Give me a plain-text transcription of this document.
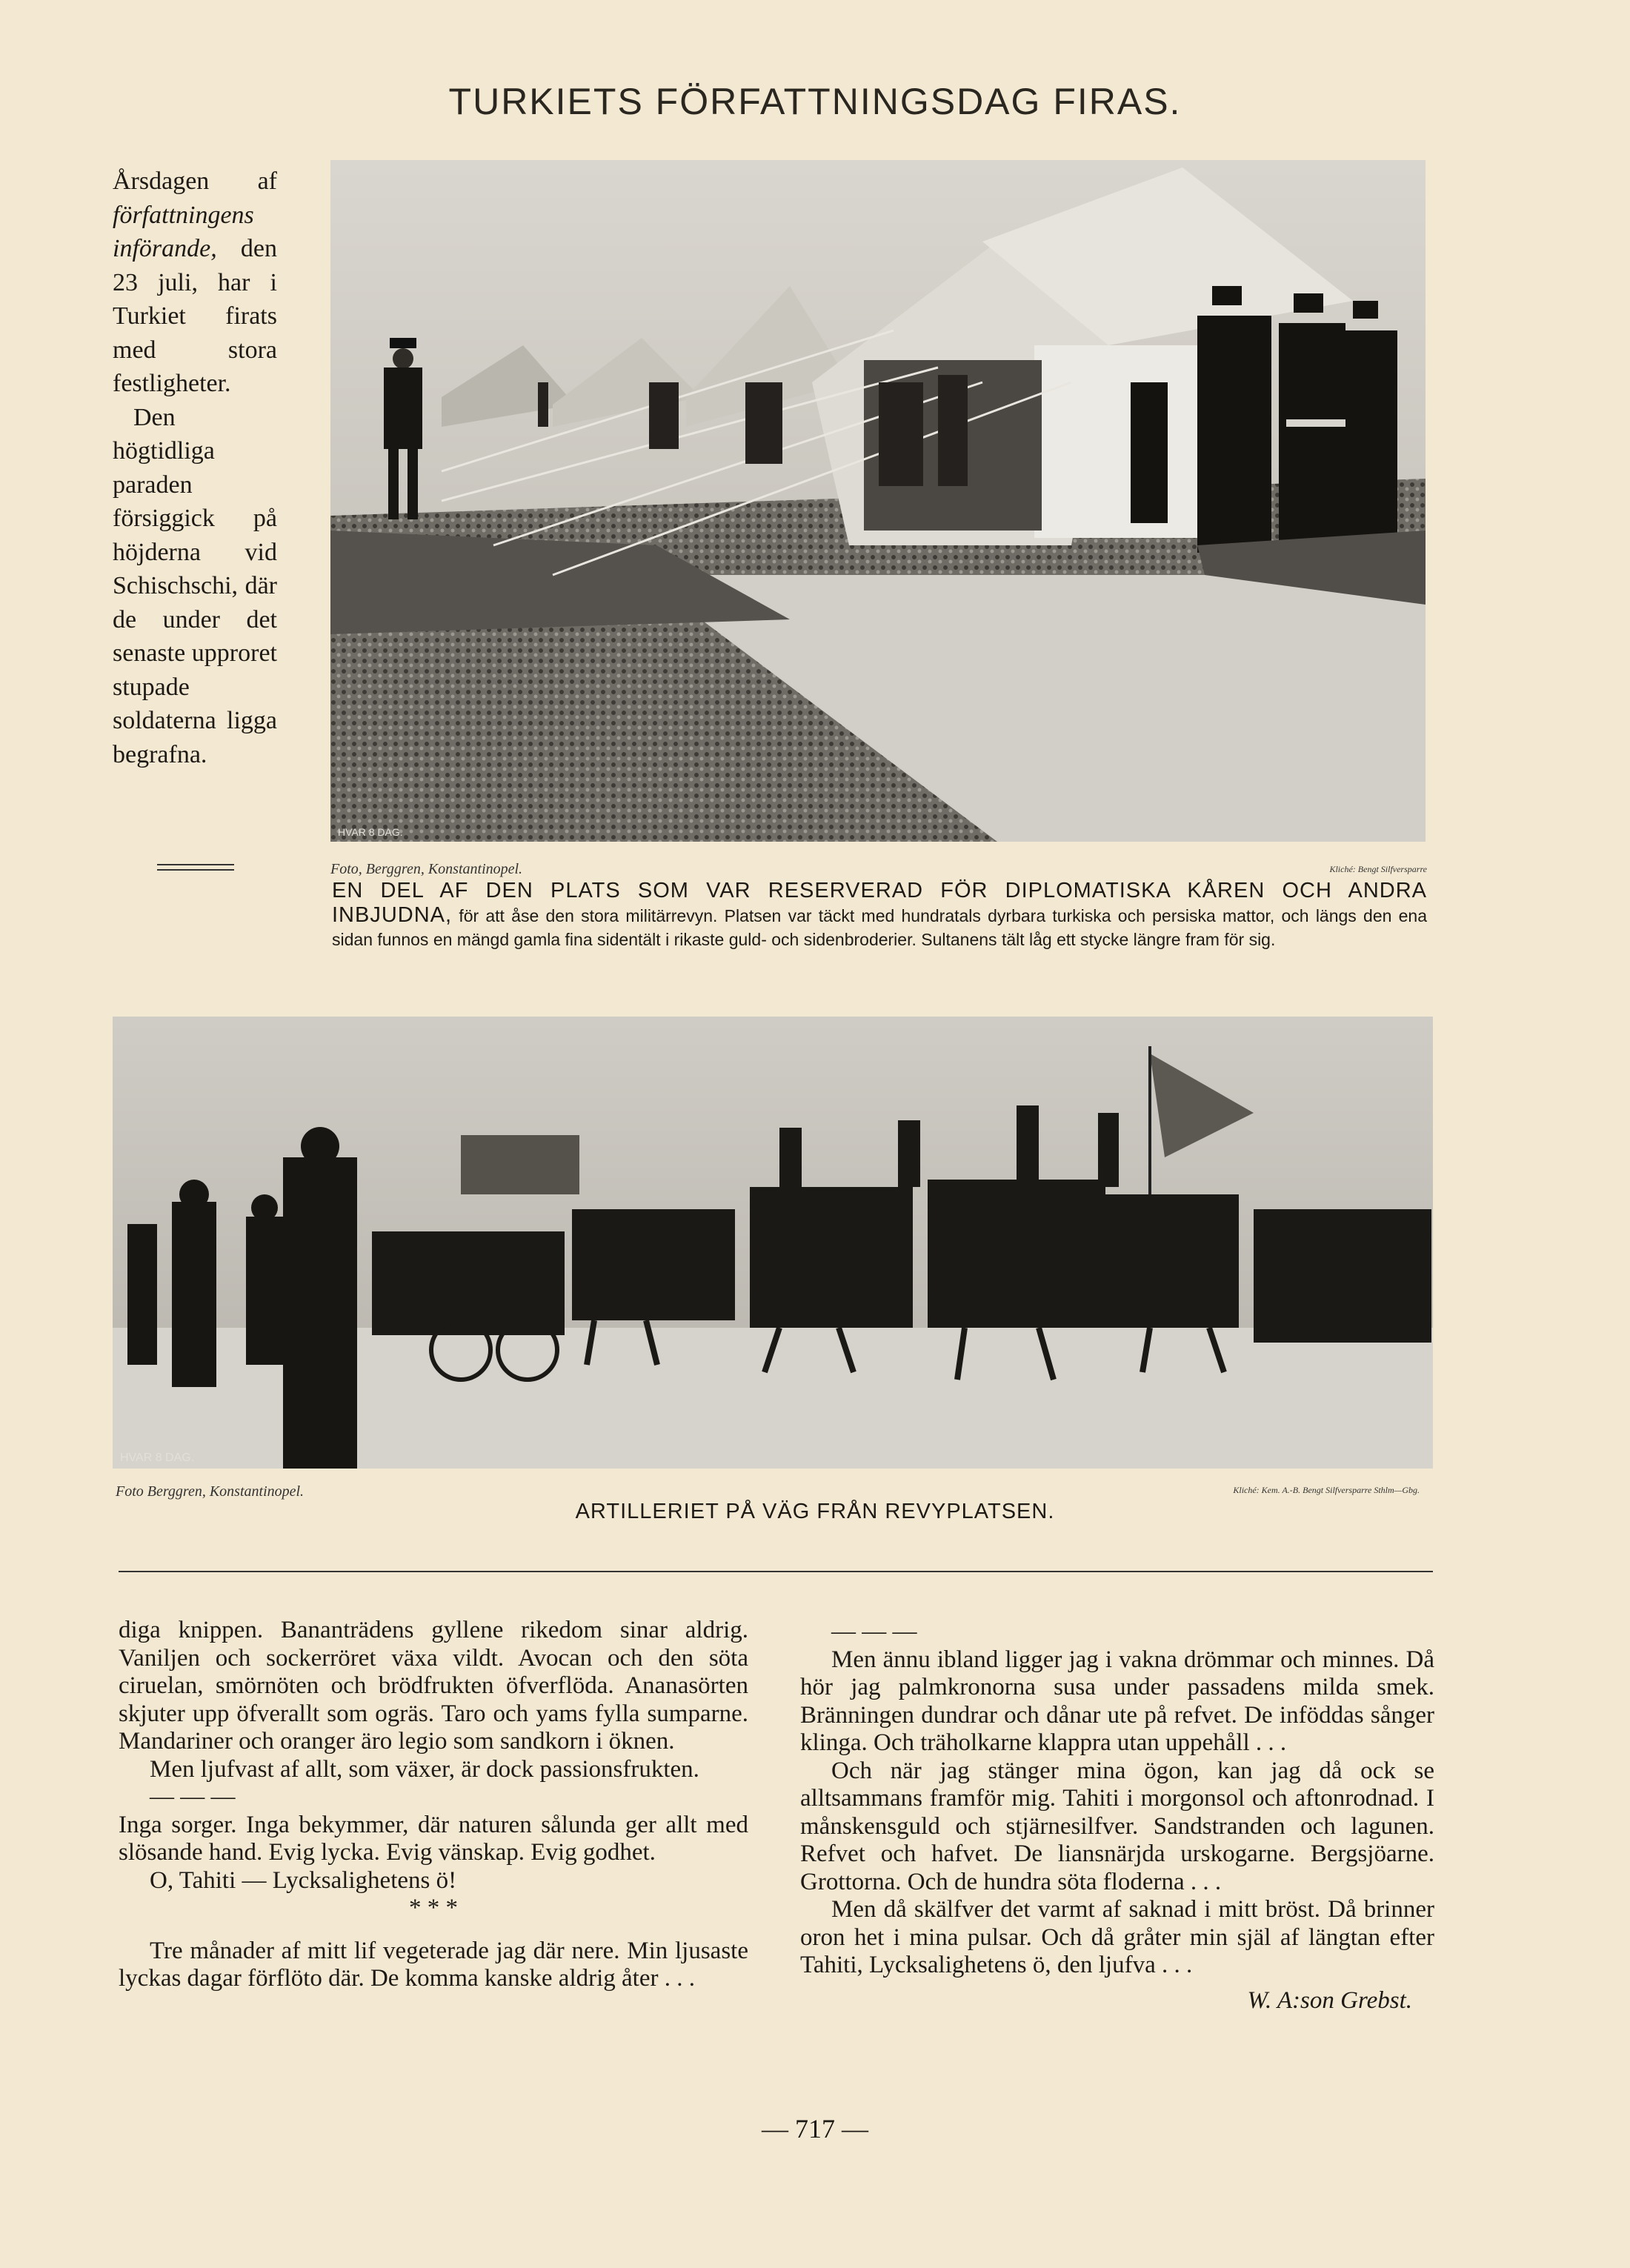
TURKIETS FÖRFATTNINGSDAG FIRAS.

Årsdagen af författningens införande, den 23 juli, har i Turkiet firats med stora festligheter.

Den högtidliga paraden försiggick på höjderna vid Schischschi, där de under det senaste upproret stupade soldaterna ligga begrafna.

HVAR 8 DAG.
Foto, Berggren, Konstantinopel.	Kliché: Bengt Silfversparre
EN DEL AF DEN PLATS SOM VAR RESERVERAD FÖR DIPLOMATISKA KÅREN OCH ANDRA INBJUDNA, för att åse den stora militärrevyn. Platsen var täckt med hundratals dyrbara turkiska och persiska mattor, och längs den ena sidan funnos en mängd gamla fina sidentält i rikaste guld- och sidenbroderier. Sultanens tält låg ett stycke längre fram för sig.
HVAR 8 DAG.
Foto Berggren, Konstantinopel.	Kliché: Kem. A.-B. Bengt Silfversparre Sthlm—Gbg.
ARTILLERIET PÅ VÄG FRÅN REVYPLATSEN.

diga knippen. Bananträdens gyllene rikedom sinar aldrig. Vaniljen och sockerröret växa vildt. Avocan och den söta ciruelan, smörnöten och brödfrukten öfverflöda. Ananasörten skjuter upp öfverallt som ogräs. Taro och yams fylla sumparne. Mandariner och oranger äro legio som sandkorn i öknen.

Men ljufvast af allt, som växer, är dock passionsfrukten.

— — —

Inga sorger. Inga bekymmer, där naturen sålunda ger allt med slösande hand. Evig lycka. Evig vänskap. Evig godhet.

O, Tahiti — Lycksalighetens ö!

* * *

Tre månader af mitt lif vegeterade jag där nere. Min ljusaste lyckas dagar förflöto där. De komma kanske aldrig åter . . .

— — —

Men ännu ibland ligger jag i vakna drömmar och minnes. Då hör jag palmkronorna susa under passadens milda smek. Bränningen dundrar och dånar ute på refvet. De inföddas sånger klinga. Och träholkarne klappra utan uppehåll . . .

Och när jag stänger mina ögon, kan jag då ock se alltsammans framför mig. Tahiti i morgonsol och aftonrodnad. I månskensguld och stjärnesilfver. Sandstranden och lagunen. Refvet och hafvet. De liansnärjda urskogarne. Bergsjöarne. Grottorna. Och de hundra söta floderna . . .

Men då skälfver det varmt af saknad i mitt bröst. Då brinner oron het i mina pulsar. Och då gråter min själ af längtan efter Tahiti, Lycksalighetens ö, den ljufva . . .

W. A:son Grebst.

— 717 —
